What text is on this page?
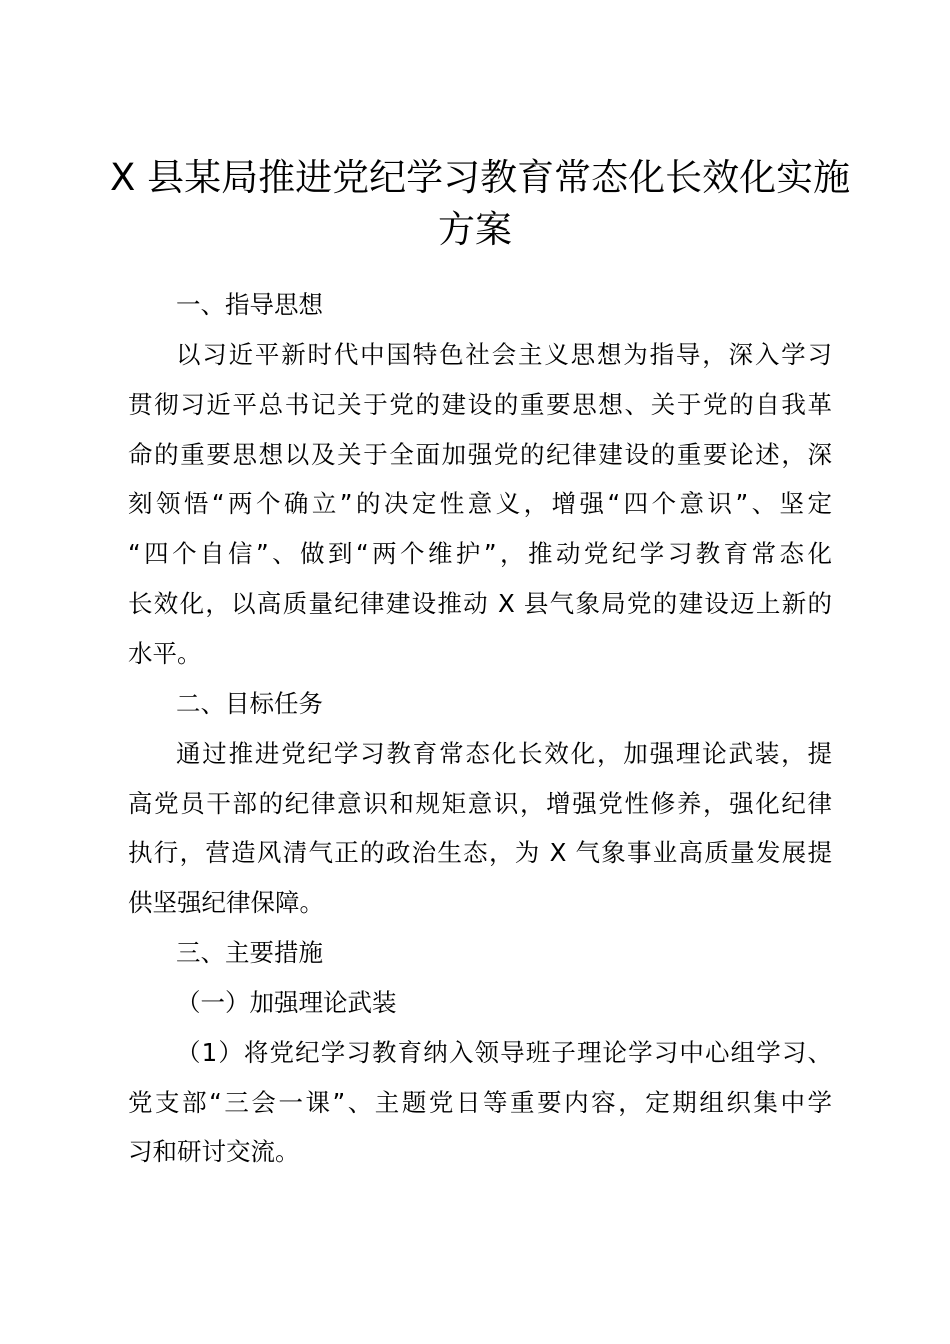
X 县某局推进党纪学习教育常态化长效化实施
方案

一、指导思想

以习近平新时代中国特色社会主义思想为指导，深入学习

贯彻习近平总书记关于党的建设的重要思想、关于党的自我革

命的重要思想以及关于全面加强党的纪律建设的重要论述，深

刻领悟“两个确立”的决定性意义，增强“四个意识”、坚定

“四个自信”、做到“两个维护”，推动党纪学习教育常态化

长效化，以高质量纪律建设推动 X 县气象局党的建设迈上新的

水平。

二、目标任务

通过推进党纪学习教育常态化长效化，加强理论武装，提

高党员干部的纪律意识和规矩意识，增强党性修养，强化纪律

执行，营造风清气正的政治生态，为 X 气象事业高质量发展提

供坚强纪律保障。

三、主要措施

（一）加强理论武装

（1）将党纪学习教育纳入领导班子理论学习中心组学习、

党支部“三会一课”、主题党日等重要内容，定期组织集中学

习和研讨交流。
